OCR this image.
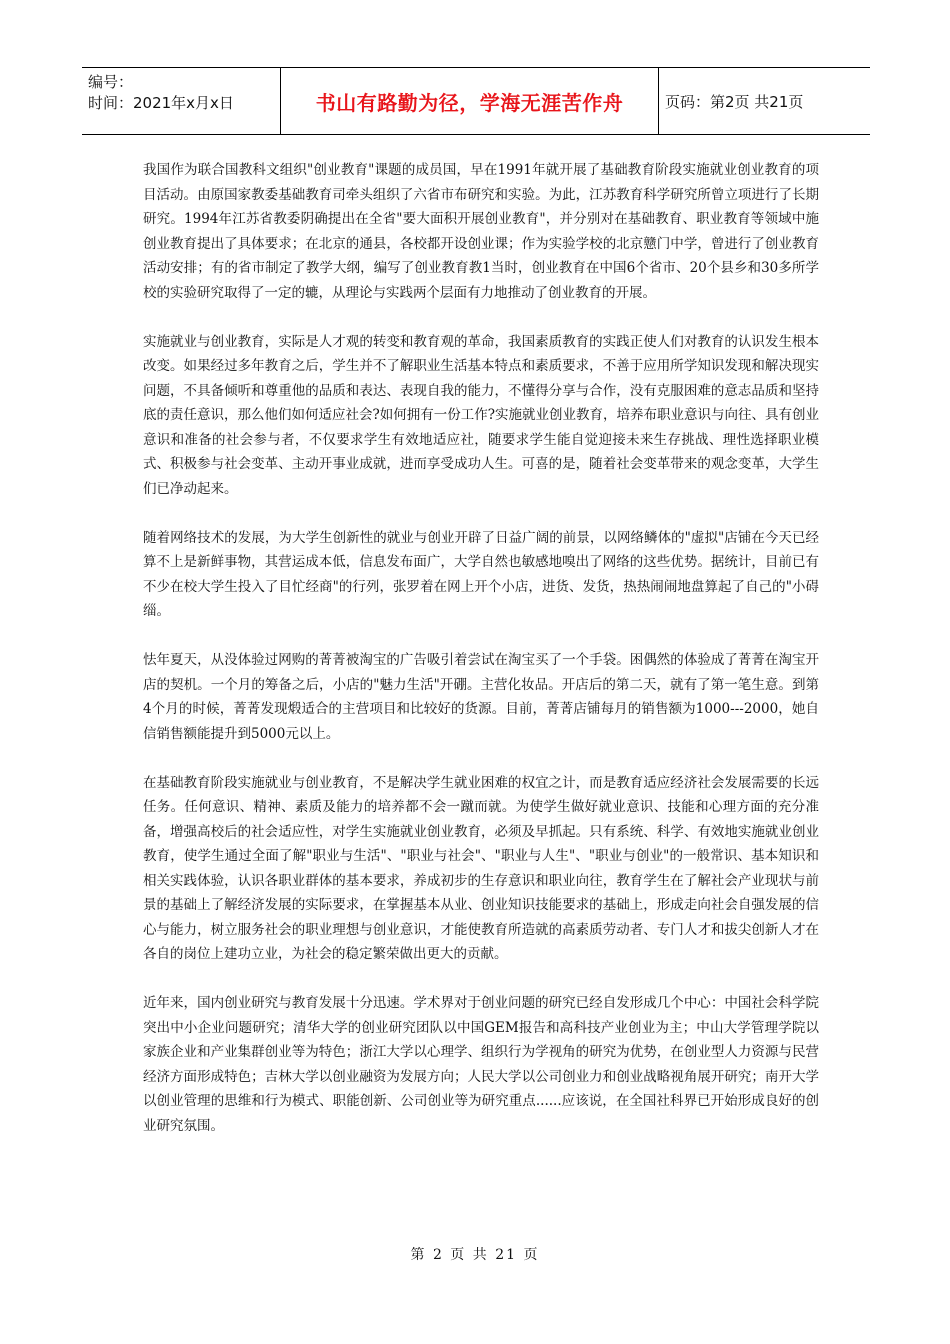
编号：
时间：2021年x月x日	书山有路勤为径，学海无涯苦作舟	页码：第2页 共21页

我国作为联合国教科文组织"创业教育"课题的成员国，早在1991年就开展了基础教育阶段实施就业创业教育的项目活动。由原国家教委基础教育司牵头组织了六省市布研究和实验。为此，江苏教育科学研究所曾立项进行了长期研究。1994年江苏省教委阴确提出在全省"要大面积开展创业教育"，并分别对在基础教育、职业教育等领域中施创业教育提出了具体要求；在北京的通县，各校都开设创业课；作为实验学校的北京戆门中学，曾进行了创业教育活动安排；有的省市制定了教学大纲，编写了创业教育教1当时，创业教育在中国6个省市、20个县乡和30多所学校的实验研究取得了一定的辘，从理论与实践两个层面有力地推动了创业教育的开展。

实施就业与创业教育，实际是人才观的转变和教育观的革命，我国素质教育的实践正使人们对教育的认识发生根本改变。如果经过多年教育之后，学生并不了解职业生活基本特点和素质要求，不善于应用所学知识发现和解决现实问题，不具备倾听和尊重他的品质和表达、表现自我的能力，不懂得分享与合作，没有克服困难的意志品质和坚持底的责任意识，那么他们如何适应社会?如何拥有一份工作?实施就业创业教育，培养布职业意识与向往、具有创业意识和准备的社会参与者，不仅要求学生有效地适应社，随要求学生能自觉迎接未来生存挑战、理性选择职业模式、积极参与社会变革、主动开事业成就，进而享受成功人生。可喜的是，随着社会变革带来的观念变革，大学生们已净动起来。

随着网络技术的发展，为大学生创新性的就业与创业开辟了日益广阔的前景，以网络鳞体的"虚拟"店铺在今天已经算不上是新鲜事物，其营运成本低，信息发布面广，大学自然也敏感地嗅出了网络的这些优势。据统计，目前已有不少在校大学生投入了目忙经商"的行列，张罗着在网上开个小店，进货、发货，热热闹闹地盘算起了自己的"小碍缁。

怯年夏天，从没体验过网购的菁菁被淘宝的广告吸引着尝试在淘宝买了一个手袋。困偶然的体验成了菁菁在淘宝开店的契机。一个月的筹备之后，小店的"魅力生活"开硼。主营化妆品。开店后的第二天，就有了第一笔生意。到第4个月的时候，菁菁发现煅适合的主营项目和比较好的货源。目前，菁菁店铺每月的销售额为1000---2000，她自信销售额能提升到5000元以上。

在基础教育阶段实施就业与创业教育，不是解决学生就业困难的权宜之计，而是教育适应经济社会发展需要的长远任务。任何意识、精神、素质及能力的培养都不会一蹴而就。为使学生做好就业意识、技能和心理方面的充分准备，增强高校后的社会适应性，对学生实施就业创业教育，必须及早抓起。只有系统、科学、有效地实施就业创业教育，使学生通过全面了解"职业与生活"、"职业与社会"、"职业与人生"、"职业与创业"的一般常识、基本知识和相关实践体验，认识各职业群体的基本要求，养成初步的生存意识和职业向往，教育学生在了解社会产业现状与前景的基础上了解经济发展的实际要求，在掌握基本从业、创业知识技能要求的基础上，形成走向社会自强发展的信心与能力，树立服务社会的职业理想与创业意识，才能使教育所造就的高素质劳动者、专门人才和拔尖创新人才在各自的岗位上建功立业，为社会的稳定繁荣做出更大的贡献。

近年来，国内创业研究与教育发展十分迅速。学术界对于创业问题的研究已经自发形成几个中心：中国社会科学院突出中小企业问题研究；清华大学的创业研究团队以中国GEM报告和高科技产业创业为主；中山大学管理学院以家族企业和产业集群创业等为特色；浙江大学以心理学、组织行为学视角的研究为优势，在创业型人力资源与民营经济方面形成特色；吉林大学以创业融资为发展方向；人民大学以公司创业力和创业战略视角展开研究；南开大学以创业管理的思维和行为模式、职能创新、公司创业等为研究重点......应该说，在全国社科界已开始形成良好的创业研究氛围。

第 2 页 共 21 页
